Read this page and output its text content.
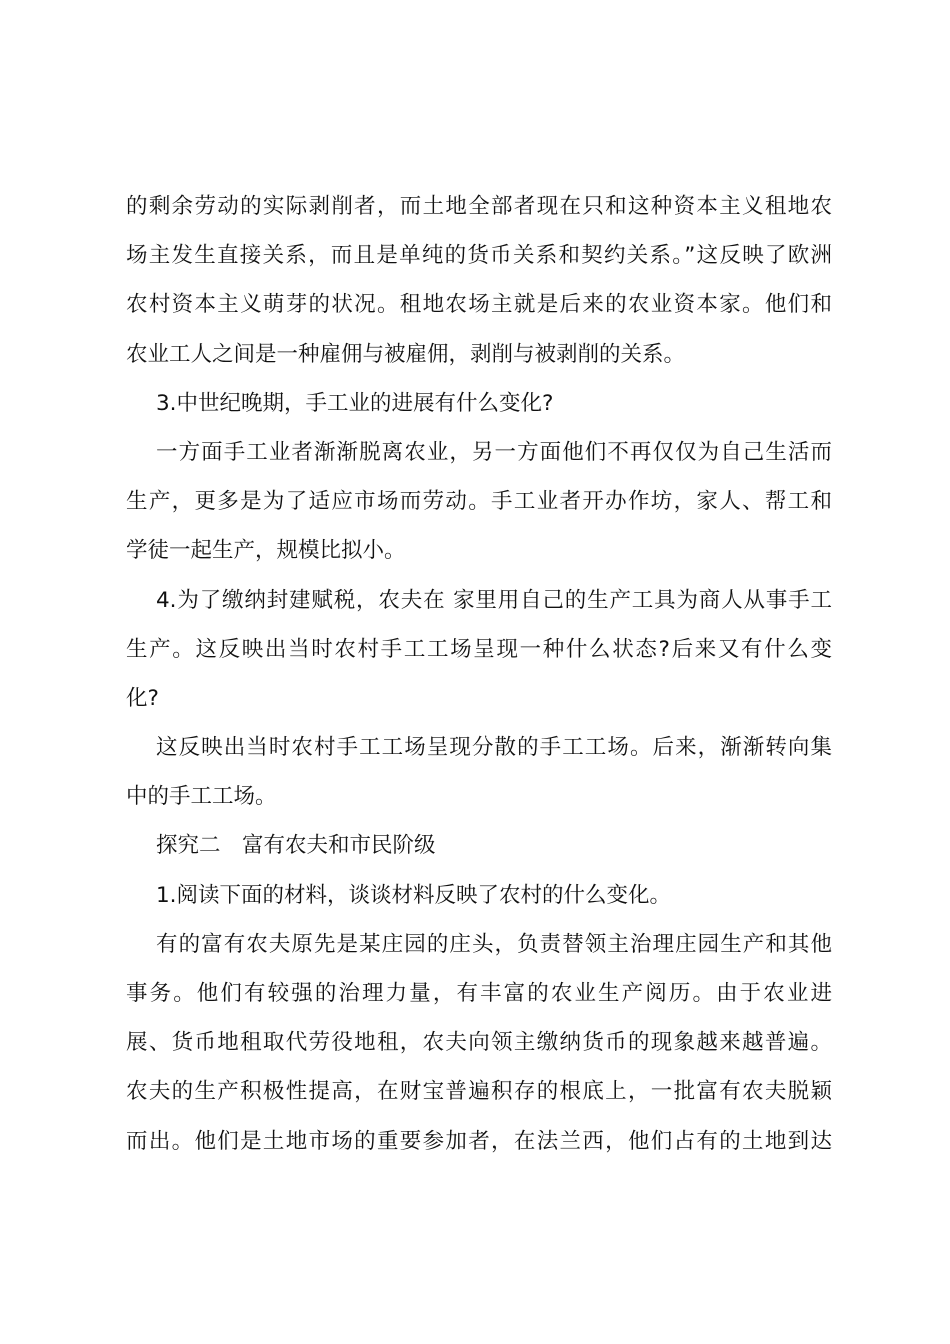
的剩余劳动的实际剥削者，而土地全部者现在只和这种资本主义租地农
场主发生直接关系，而且是单纯的货币关系和契约关系。”这反映了欧洲
农村资本主义萌芽的状况。租地农场主就是后来的农业资本家。他们和
农业工人之间是一种雇佣与被雇佣，剥削与被剥削的关系。
3.中世纪晚期，手工业的进展有什么变化?
一方面手工业者渐渐脱离农业，另一方面他们不再仅仅为自己生活而
生产，更多是为了适应市场而劳动。手工业者开办作坊，家人、帮工和
学徒一起生产，规模比拟小。
4.为了缴纳封建赋税，农夫在 家里用自己的生产工具为商人从事手工
生产。这反映出当时农村手工工场呈现一种什么状态?后来又有什么变
化?
这反映出当时农村手工工场呈现分散的手工工场。后来，渐渐转向集
中的手工工场。
探究二　富有农夫和市民阶级
1.阅读下面的材料，谈谈材料反映了农村的什么变化。
有的富有农夫原先是某庄园的庄头，负责替领主治理庄园生产和其他
事务。他们有较强的治理力量，有丰富的农业生产阅历。由于农业进
展、货币地租取代劳役地租，农夫向领主缴纳货币的现象越来越普遍。
农夫的生产积极性提高，在财宝普遍积存的根底上，一批富有农夫脱颖
而出。他们是土地市场的重要参加者，在法兰西，他们占有的土地到达
